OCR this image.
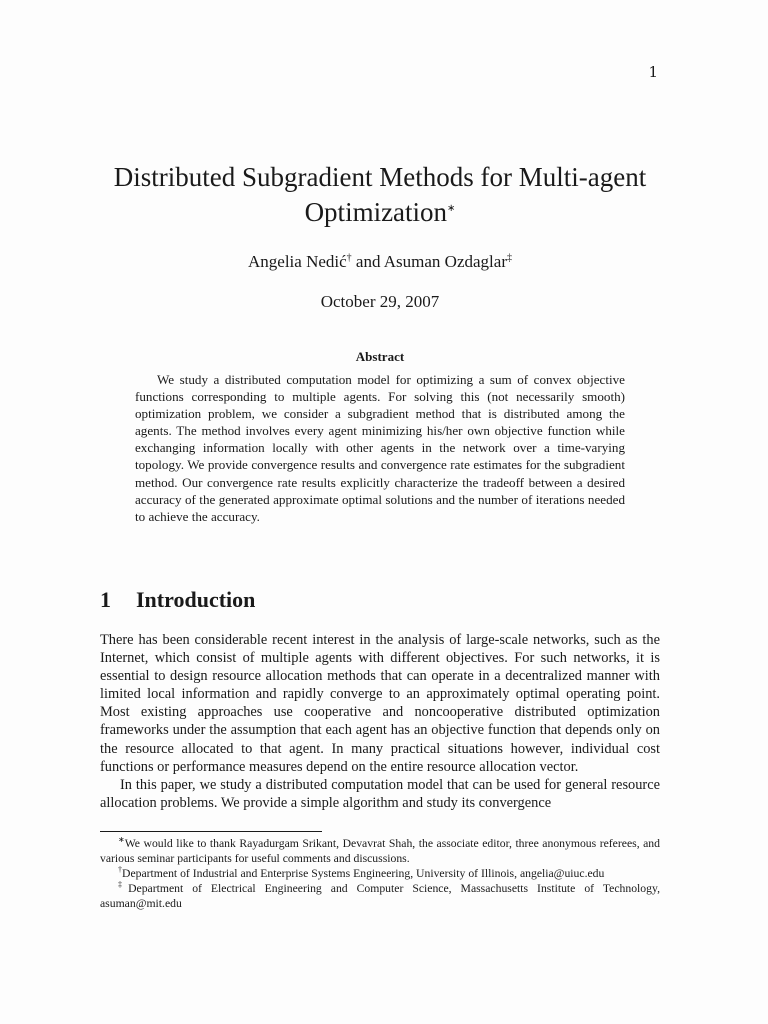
1
Distributed Subgradient Methods for Multi-agent Optimization∗
Angelia Nedić† and Asuman Ozdaglar‡
October 29, 2007
Abstract

We study a distributed computation model for optimizing a sum of convex objective functions corresponding to multiple agents. For solving this (not necessarily smooth) optimization problem, we consider a subgradient method that is distributed among the agents. The method involves every agent minimizing his/her own objective function while exchanging information locally with other agents in the network over a time-varying topology. We provide convergence results and convergence rate estimates for the subgradient method. Our convergence rate results explicitly characterize the tradeoff between a desired accuracy of the generated approximate optimal solutions and the number of iterations needed to achieve the accuracy.

1 Introduction

There has been considerable recent interest in the analysis of large-scale networks, such as the Internet, which consist of multiple agents with different objectives. For such networks, it is essential to design resource allocation methods that can operate in a decentralized manner with limited local information and rapidly converge to an approximately optimal operating point. Most existing approaches use cooperative and noncooperative distributed optimization frameworks under the assumption that each agent has an objective function that depends only on the resource allocated to that agent. In many practical situations however, individual cost functions or performance measures depend on the entire resource allocation vector.

In this paper, we study a distributed computation model that can be used for general resource allocation problems. We provide a simple algorithm and study its convergence

∗We would like to thank Rayadurgam Srikant, Devavrat Shah, the associate editor, three anonymous referees, and various seminar participants for useful comments and discussions.

†Department of Industrial and Enterprise Systems Engineering, University of Illinois, angelia@uiuc.edu

‡Department of Electrical Engineering and Computer Science, Massachusetts Institute of Technology, asuman@mit.edu
